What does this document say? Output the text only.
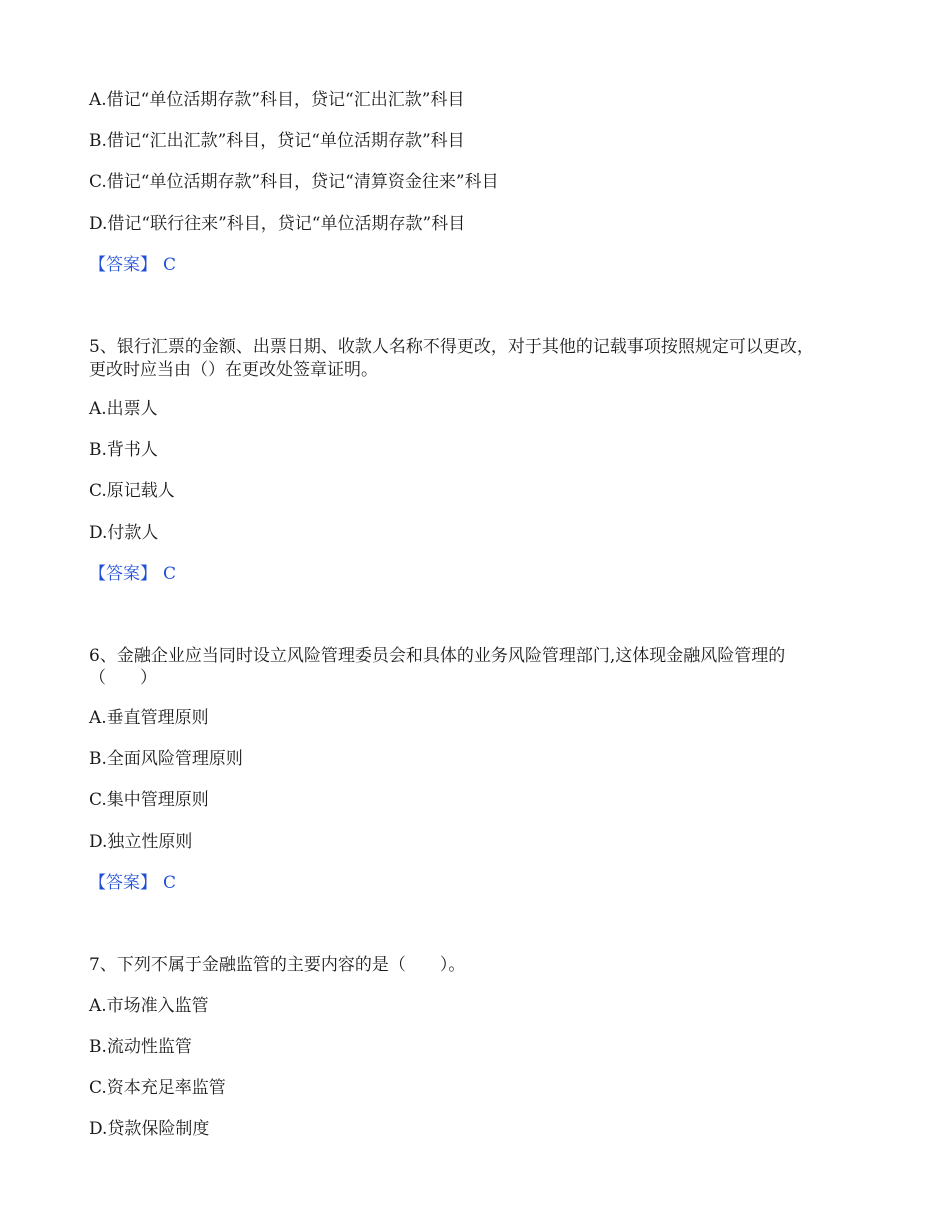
A.借记“单位活期存款”科目，贷记“汇出汇款”科目

B.借记“汇出汇款”科目，贷记“单位活期存款”科目

C.借记“单位活期存款”科目，贷记“清算资金往来”科目

D.借记“联行往来”科目，贷记“单位活期存款”科目

【答案】 C

5、银行汇票的金额、出票日期、收款人名称不得更改，对于其他的记载事项按照规定可以更改，

更改时应当由（）在更改处签章证明。

A.出票人

B.背书人

C.原记载人

D.付款人

【答案】 C

6、金融企业应当同时设立风险管理委员会和具体的业务风险管理部门,这体现金融风险管理的

（　　）

A.垂直管理原则

B.全面风险管理原则

C.集中管理原则

D.独立性原则

【答案】 C

7、下列不属于金融监管的主要内容的是（　　）。

A.市场准入监管

B.流动性监管

C.资本充足率监管

D.贷款保险制度
